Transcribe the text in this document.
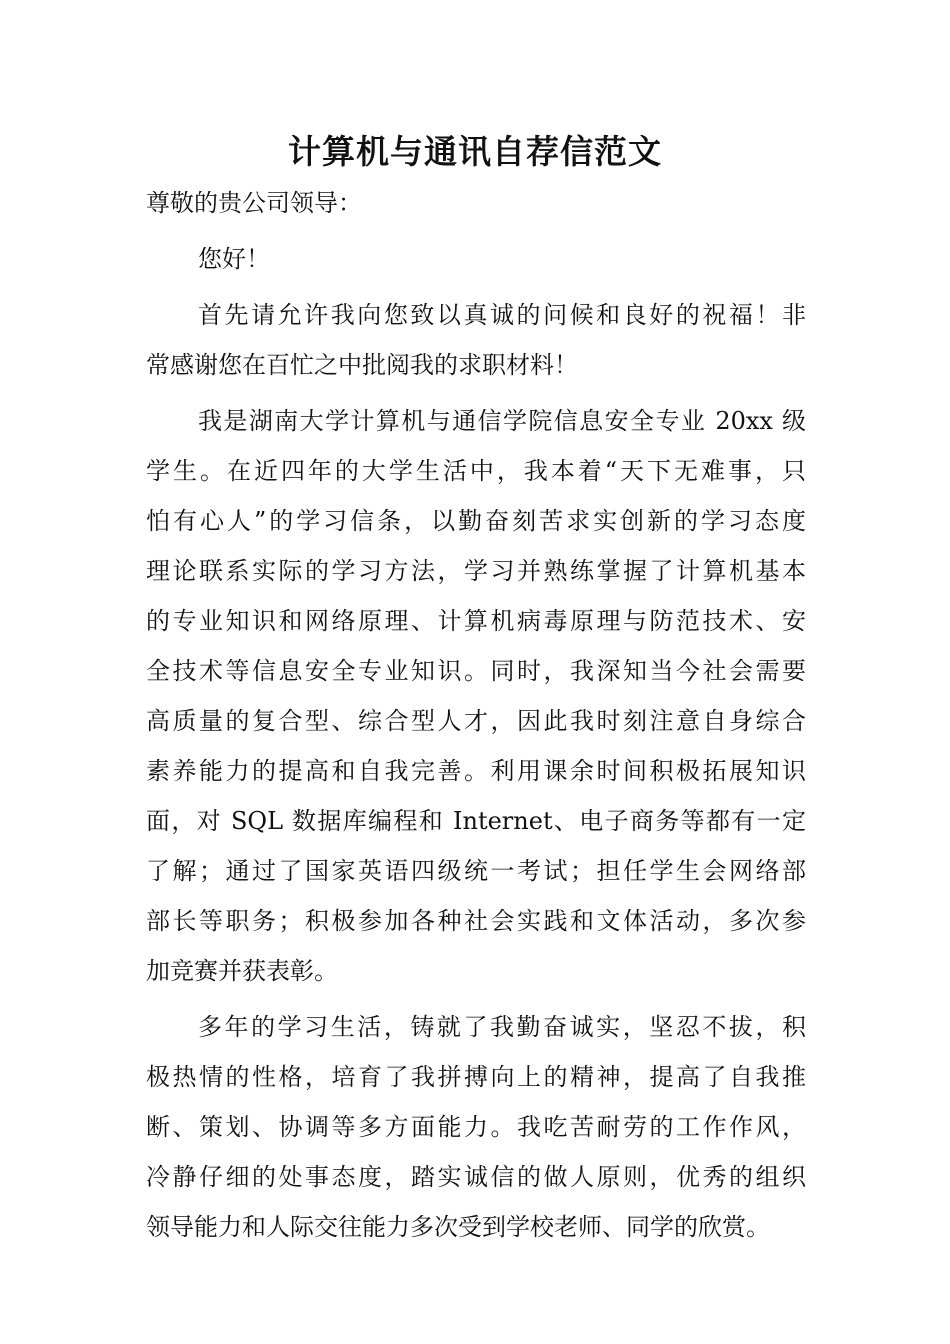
计算机与通讯自荐信范文
尊敬的贵公司领导：
您好！
首先请允许我向您致以真诚的问候和良好的祝福！非
常感谢您在百忙之中批阅我的求职材料！
我是湖南大学计算机与通信学院信息安全专业 20xx 级
学生。在近四年的大学生活中，我本着“天下无难事，只
怕有心人”的学习信条，以勤奋刻苦求实创新的学习态度
理论联系实际的学习方法，学习并熟练掌握了计算机基本
的专业知识和网络原理、计算机病毒原理与防范技术、安
全技术等信息安全专业知识。同时，我深知当今社会需要
高质量的复合型、综合型人才，因此我时刻注意自身综合
素养能力的提高和自我完善。利用课余时间积极拓展知识
面，对 SQL 数据库编程和 Internet、电子商务等都有一定
了解；通过了国家英语四级统一考试；担任学生会网络部
部长等职务；积极参加各种社会实践和文体活动，多次参
加竞赛并获表彰。
多年的学习生活，铸就了我勤奋诚实，坚忍不拔，积
极热情的性格，培育了我拼搏向上的精神，提高了自我推
断、策划、协调等多方面能力。我吃苦耐劳的工作作风，
冷静仔细的处事态度，踏实诚信的做人原则，优秀的组织
领导能力和人际交往能力多次受到学校老师、同学的欣赏。
